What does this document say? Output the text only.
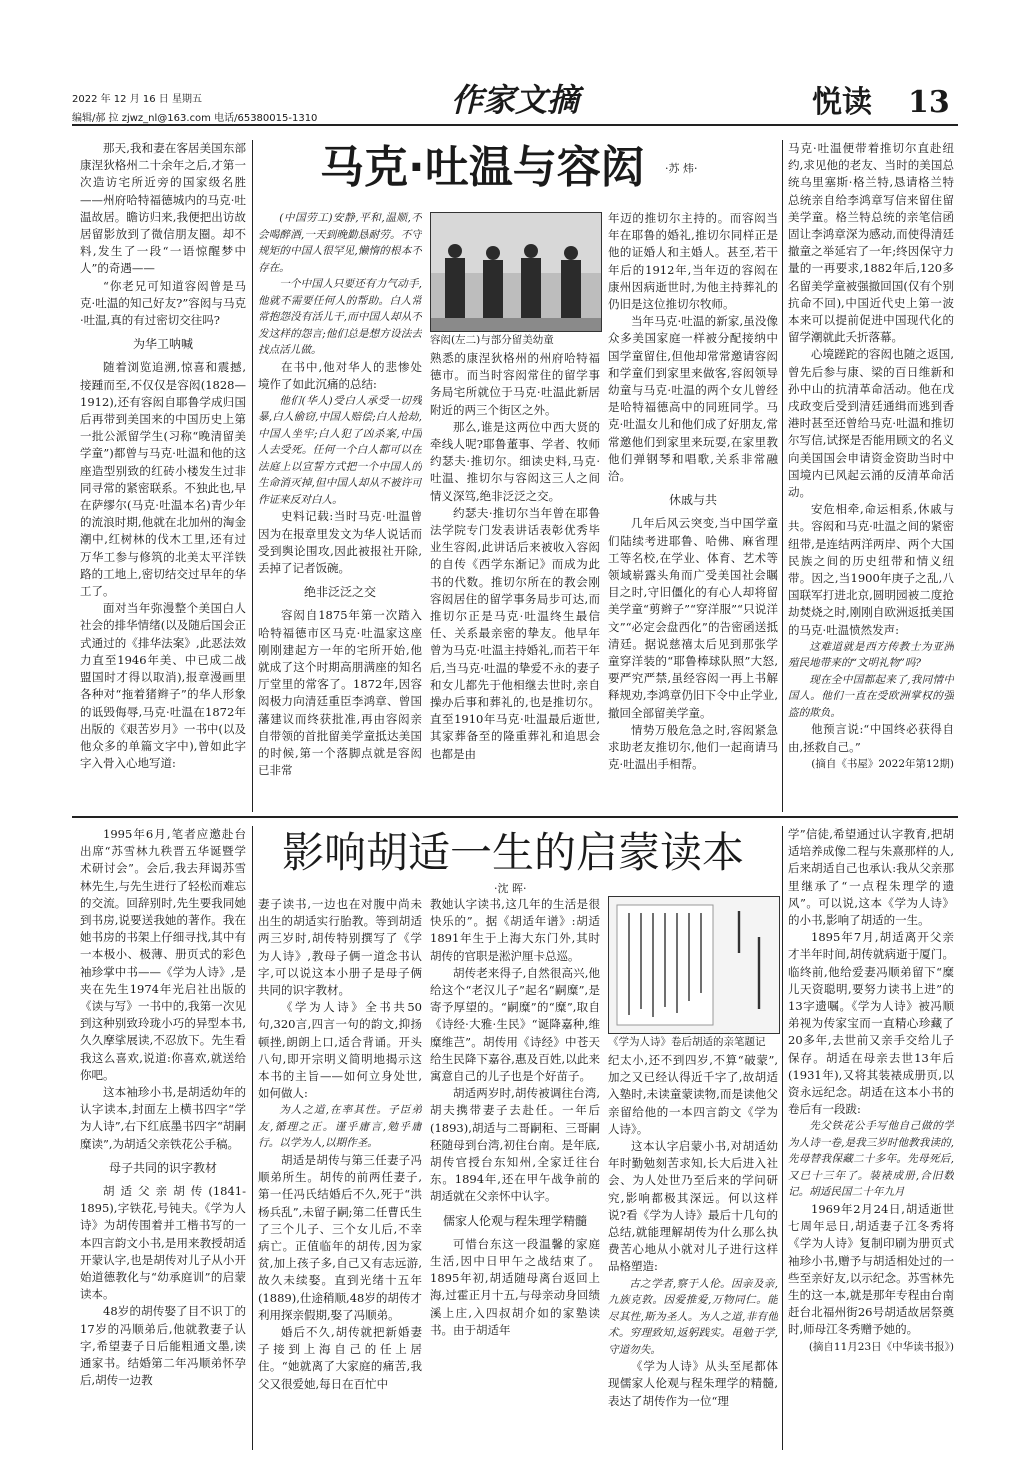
2022 年 12 月 16 日 星期五
编辑/郝 拉 zjwz_nl@163.com 电话/65380015-1310	作家文摘	悦读	13
马克·吐温与容闳	·苏 炜·

那天,我和妻在客居美国东部康涅狄格州二十余年之后,才第一次造访宅所近旁的国家级名胜——州府哈特福德城内的马克·吐温故居。瞻访归来,我便把出访故居留影放到了微信朋友圈。却不料,发生了一段“一语惊醒梦中人”的奇遇——

“你老兄可知道容闳曾是马克·吐温的知己好友?”容闳与马克·吐温,真的有过密切交往吗?

为华工呐喊

随着浏览追溯,惊喜和震撼,接踵而至,不仅仅是容闳(1828—1912),还有容闳自耶鲁学成归国后再带到美国来的中国历史上第一批公派留学生(习称“晚清留美学童”)都曾与马克·吐温和他的这座造型别致的红砖小楼发生过非同寻常的紧密联系。不独此也,早在萨缪尔(马克·吐温本名)青少年的流浪时期,他就在北加州的淘金潮中,红树林的伐木工里,还有过万华工参与修筑的北美太平洋铁路的工地上,密切结交过早年的华工了。

面对当年弥漫整个美国白人社会的排华情绪(以及随后国会正式通过的《排华法案》,此恶法效力直至1946年美、中已成二战盟国时才得以取消),报章漫画里各种对“拖着猪辫子”的华人形象的诋毁侮辱,马克·吐温在1872年出版的《艰苦岁月》一书中(以及他众多的单篇文字中),曾如此字字入骨入心地写道:

(中国劳工)安静,平和,温顺,不会喝醉酒,一天到晚勤恳耐劳。不守规矩的中国人很罕见,懒惰的根本不存在。

一个中国人只要还有力气动手,他就不需要任何人的帮助。白人常常抱怨没有活儿干,而中国人却从不发这样的怨言;他们总是想方设法去找点活儿做。

在书中,他对华人的悲惨处境作了如此沉痛的总结:

他们(华人)受白人承受一切残暴,白人偷窃,中国人赔偿;白人抢劫,中国人坐牢;白人犯了凶杀案,中国人去受死。任何一个白人都可以在法庭上以宣誓方式把一个中国人的生命消灭掉,但中国人却从不被许可作证来反对白人。

史料记载:当时马克·吐温曾因为在报章里发文为华人说话而受到舆论围攻,因此被报社开除,丢掉了记者饭碗。

绝非泛泛之交

容闳自1875年第一次踏入哈特福德市区马克·吐温家这座刚刚建起方一年的宅所开始,他就成了这个时期高朋满座的知名厅堂里的常客了。1872年,因容闳极力向清廷重臣李鸿章、曾国藩建议而终获批准,再由容闳亲自带领的首批留美学童抵达美国的时候,第一个落脚点就是容闳已非常

容闳(左二)与部分留美幼童

熟悉的康涅狄格州的州府哈特福德市。而当时容闳常住的留学事务局宅所就位于马克·吐温此新居附近的两三个街区之外。

那么,谁是这两位中西大贤的牵线人呢?耶鲁董事、学者、牧师约瑟夫·推切尔。细读史料,马克·吐温、推切尔与容闳这三人之间情义深笃,绝非泛泛之交。

约瑟夫·推切尔当年曾在耶鲁法学院专门发表讲话表彰优秀毕业生容闳,此讲话后来被收入容闳的自传《西学东渐记》而成为此书的代数。推切尔所在的教会刚容闳居住的留学事务局步可达,而推切尔正是马克·吐温终生最信任、关系最亲密的挚友。他早年曾为马克·吐温主持婚礼,而若干年后,当马克·吐温的挚爱不永的妻子和女儿都先于他相继去世时,亲自操办后事和葬礼的,也是推切尔。直至1910年马克·吐温最后逝世,其家葬备至的隆重葬礼和追思会也都是由

年迈的推切尔主持的。而容闳当年在耶鲁的婚礼,推切尔同样正是他的证婚人和主婚人。甚至,若干年后的1912年,当年迈的容闳在康州因病逝世时,为他主持葬礼的仍旧是这位推切尔牧师。

当年马克·吐温的新家,虽没像众多美国家庭一样被分配接纳中国学童留住,但他却常常邀请容闳和学童们到家里来做客,容闳领导幼童与马克·吐温的两个女儿曾经是哈特福德高中的同班同学。马克·吐温女儿和他们成了好朋友,常常邀他们到家里来玩耍,在家里教他们弹钢琴和唱歌,关系非常融洽。

休戚与共

几年后风云突变,当中国学童们陆续考进耶鲁、哈佛、麻省理工等名校,在学业、体育、艺术等领域崭露头角而广受美国社会瞩目之时,守旧僵化的有心人却将留美学童“剪辫子”“穿洋服”“只说洋文”“必定会盘西化”的告密函送抵清廷。据说慈禧太后见到那张学童穿洋装的“耶鲁棒球队照”大怒,要严究严禁,虽经容闳一再上书解释规劝,李鸿章仍旧下令中止学业,撤回全部留美学童。

情势万般危急之时,容闳紧急求助老友推切尔,他们一起商请马克·吐温出手相帮。

马克·吐温便带着推切尔直赴纽约,求见他的老友、当时的美国总统乌里塞斯·格兰特,恳请格兰特总统亲自给李鸿章写信来留住留美学童。格兰特总统的亲笔信函固让李鸿章深为感动,而使得清廷撤童之举延宕了一年;终因保守力量的一再要求,1882年后,120多名留美学童被强撤回国(仅有个别抗命不回),中国近代史上第一波本来可以提前促进中国现代化的留学潮就此夭折落幕。

心境蹉跎的容闳也随之返国,曾先后参与康、梁的百日维新和孙中山的抗清革命活动。他在戊戌政变后受到清廷通缉而逃到香港时甚至还曾给马克·吐温和推切尔写信,试探是否能用顾文的名义向美国国会申请资金资助当时中国境内已风起云涌的反清革命活动。

安危相牵,命运相系,休戚与共。容闳和马克·吐温之间的紧密纽带,是连结两洋两岸、两个大国民族之间的历史纽带和情义纽带。因之,当1900年庚子之乱,八国联军打进北京,圆明园被二度抢劫焚烧之时,刚刚自欧洲返抵美国的马克·吐温愤然发声:

这难道就是西方传教士为亚洲殖民地带来的“文明礼物”吗?

现在全中国都起来了,我同情中国人。他们一直在受欧洲掌权的强盗的欺负。

他预言说:“中国终必获得自由,拯救自己。”

(摘自《书屋》2022年第12期)

影响胡适一生的启蒙读本
·沈 晖·

1995年6月,笔者应邀赴台出席“苏雪林九秩晋五华诞暨学术研讨会”。会后,我去拜谒苏雪林先生,与先生进行了轻松而难忘的交流。回辞别时,先生要我同她到书房,说要送我她的著作。我在她书房的书架上仔细寻找,其中有一本极小、极薄、册页式的彩色袖珍掌中书——《学为人诗》,是夹在先生1974年光启社出版的《读与写》一书中的,我第一次见到这种别致玲珑小巧的异型本书,久久摩挲展读,不忍放下。先生看我这么喜欢,说道:你喜欢,就送给你吧。

这本袖珍小书,是胡适幼年的认字读本,封面左上横书四字“学为人诗”,右下红底墨书四字“胡嗣糜读”,为胡适父亲铁花公手稿。

母子共同的识字教材

胡适父亲胡传(1841-1895),字铁花,号钝夫。《学为人诗》为胡传围着并工楷书写的一本四言韵文小书,是用来教授胡适开蒙认字,也是胡传对儿子从小开始道德教化与“幼承庭训”的启蒙读本。

48岁的胡传娶了目不识丁的17岁的冯顺弟后,他就教妻子认字,希望妻子日后能粗通文墨,读通家书。结婚第二年冯顺弟怀孕后,胡传一边教

妻子读书,一边也在对腹中尚未出生的胡适实行胎教。等到胡适两三岁时,胡传特别撰写了《学为人诗》,教母子俩一道念书认字,可以说这本小册子是母子俩共同的识字教材。

《学为人诗》全书共50句,320言,四言一句的韵文,抑扬顿挫,朗朗上口,适合背诵。开头八句,即开宗明义简明地揭示这本书的主旨——如何立身处世,如何做人:

为人之道,在率其性。子臣弟友,循理之正。谨乎庸言,勉乎庸行。以学为人,以期作圣。

胡适是胡传与第三任妻子冯顺弟所生。胡传的前两任妻子,第一任冯氏结婚后不久,死于“洪杨兵乱”,未留子嗣;第二任曹氏生了三个儿子、三个女儿后,不幸病亡。正值临年的胡传,因为家贫,加上孩子多,自己又有志远游,故久未续娶。直到光绪十五年(1889),仕途稍顺,48岁的胡传才利用探亲假期,娶了冯顺弟。

婚后不久,胡传就把新婚妻子接到上海自己的任上居住。“她就离了大家庭的痛苦,我父又很爱她,每日在百忙中

教她认字读书,这几年的生活是很快乐的”。据《胡适年谱》:胡适1891年生于上海大东门外,其时胡传的官职是淞沪厘卡总巡。

胡传老来得子,自然很高兴,他给这个“老汉儿子”起名“嗣糜”,是寄予厚望的。“嗣糜”的“糜”,取自《诗经·大雅·生民》“诞降嘉种,维糜维芑”。胡传用《诗经》中苍天给生民降下嘉谷,惠及百姓,以此来寓意自己的儿子也是个好苗子。

胡适两岁时,胡传被调往台湾,胡夫携带妻子去赴任。一年后(1893),胡适与二哥嗣秬、三哥嗣秠随母到台湾,初住台南。是年底,胡传官授台东知州,全家迁往台东。1894年,还在甲午战争前的胡适就在父亲怀中认字。

儒家人伦观与程朱理学精髓

可惜台东这一段温馨的家庭生活,因中日甲午之战结束了。1895年初,胡适随母离台返回上海,过霍正月十五,与母亲动身回绩溪上庄,入四叔胡介如的家塾读书。由于胡适年

《学为人诗》卷后胡适的亲笔题记

纪太小,还不到四岁,不算“破蒙”,加之又已经认得近千字了,故胡适入塾时,未读童蒙读物,而是读他父亲留给他的一本四言韵文《学为人诗》。

这本认字启蒙小书,对胡适幼年时勤勉刻苦求知,长大后进入社会、为人处世乃至后来的学问研究,影响都极其深远。何以这样说?看《学为人诗》最后十几句的总结,就能理解胡传为什么那么执费苦心地从小就对儿子进行这样品格塑造:

古之学者,察于人伦。因亲及亲,九族克敦。因爱推爱,万物同仁。能尽其性,斯为圣人。为人之道,非有他术。穷理致知,返躬践实。黾勉于学,守道勿失。

《学为人诗》从头至尾都体现儒家人伦观与程朱理学的精髓,表达了胡传作为一位“理

学”信徒,希望通过认字教育,把胡适培养成像二程与朱熹那样的人,后来胡适自己也承认:我从父亲那里继承了“一点程朱理学的遗风”。可以说,这本《学为人诗》的小书,影响了胡适的一生。

1895年7月,胡适离开父亲才半年时间,胡传就病逝于厦门。临终前,他给爱妻冯顺弟留下“糜儿天资聪明,要努力读书上进”的13字遗嘱。《学为人诗》被冯顺弟视为传家宝而一直精心珍藏了20多年,去世前又亲手交给儿子保存。胡适在母亲去世13年后(1931年),又将其装裱成册页,以资永远纪念。胡适在这本小书的卷后有一段跋:

先父铁花公手写他自己做的学为人诗一卷,是我三岁时他教我读的,先母替我保藏二十多年。先母死后,又已十三年了。装裱成册,合旧数记。胡适民国二十年九月

1969年2月24日,胡适逝世七周年忌日,胡适妻子江冬秀将《学为人诗》复制印刷为册页式袖珍小书,赠予与胡适相处过的一些至亲好友,以示纪念。苏雪林先生的这一本,就是那年专程由台南赶台北福州街26号胡适故居祭奠时,师母江冬秀赠予她的。

(摘自11月23日《中华读书报》)
